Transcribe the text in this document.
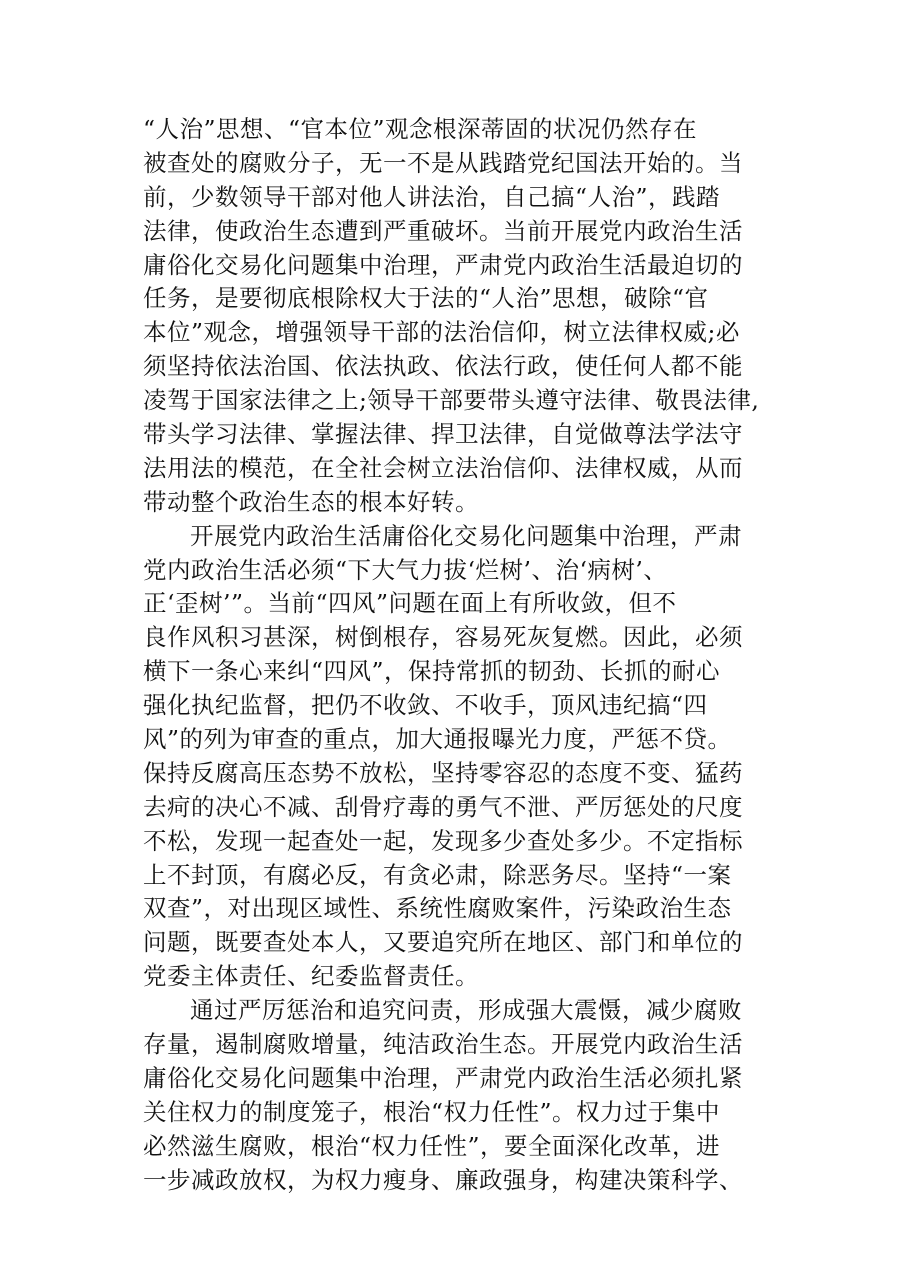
“人治”思想、“官本位”观念根深蒂固的状况仍然存在
被查处的腐败分子，无一不是从践踏党纪国法开始的。当
前，少数领导干部对他人讲法治，自己搞“人治”，践踏
法律，使政治生态遭到严重破坏。当前开展党内政治生活
庸俗化交易化问题集中治理，严肃党内政治生活最迫切的
任务，是要彻底根除权大于法的“人治”思想，破除“官
本位”观念，增强领导干部的法治信仰，树立法律权威;必
须坚持依法治国、依法执政、依法行政，使任何人都不能
凌驾于国家法律之上;领导干部要带头遵守法律、敬畏法律,
带头学习法律、掌握法律、捍卫法律，自觉做尊法学法守
法用法的模范，在全社会树立法治信仰、法律权威，从而
带动整个政治生态的根本好转。
开展党内政治生活庸俗化交易化问题集中治理，严肃
党内政治生活必须“下大气力拔‘烂树’、治‘病树’、
正‘歪树’”。当前“四风”问题在面上有所收敛，但不
良作风积习甚深，树倒根存，容易死灰复燃。因此，必须
横下一条心来纠“四风”，保持常抓的韧劲、长抓的耐心
强化执纪监督，把仍不收敛、不收手，顶风违纪搞“四
风”的列为审查的重点，加大通报曝光力度，严惩不贷。
保持反腐高压态势不放松，坚持零容忍的态度不变、猛药
去疴的决心不减、刮骨疗毒的勇气不泄、严厉惩处的尺度
不松，发现一起查处一起，发现多少查处多少。不定指标
上不封顶，有腐必反，有贪必肃，除恶务尽。坚持“一案
双查”，对出现区域性、系统性腐败案件，污染政治生态
问题，既要查处本人，又要追究所在地区、部门和单位的
党委主体责任、纪委监督责任。
通过严厉惩治和追究问责，形成强大震慑，减少腐败
存量，遏制腐败增量，纯洁政治生态。开展党内政治生活
庸俗化交易化问题集中治理，严肃党内政治生活必须扎紧
关住权力的制度笼子，根治“权力任性”。权力过于集中
必然滋生腐败，根治“权力任性”，要全面深化改革，进
一步减政放权，为权力瘦身、廉政强身，构建决策科学、
